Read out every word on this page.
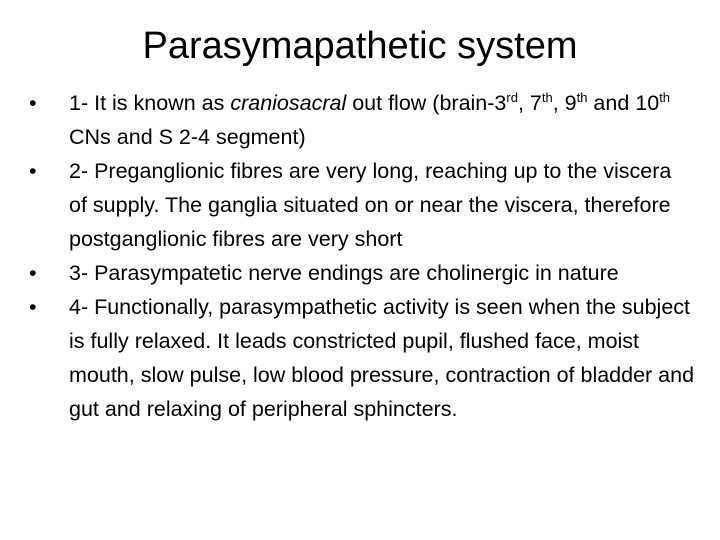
Parasymapathetic system
•	1- It is known as craniosacral out flow (brain-3rd, 7th, 9th and 10th CNs and S 2-4 segment)
•	2- Preganglionic fibres are very long, reaching up to the viscera of supply. The ganglia situated on or near the viscera, therefore postganglionic fibres are very short
•	3- Parasympatetic nerve endings are cholinergic in nature
•	4- Functionally, parasympathetic activity is seen when the subject is fully relaxed. It leads constricted pupil, flushed face, moist mouth, slow pulse, low blood pressure, contraction of bladder and gut and relaxing of peripheral sphincters.
